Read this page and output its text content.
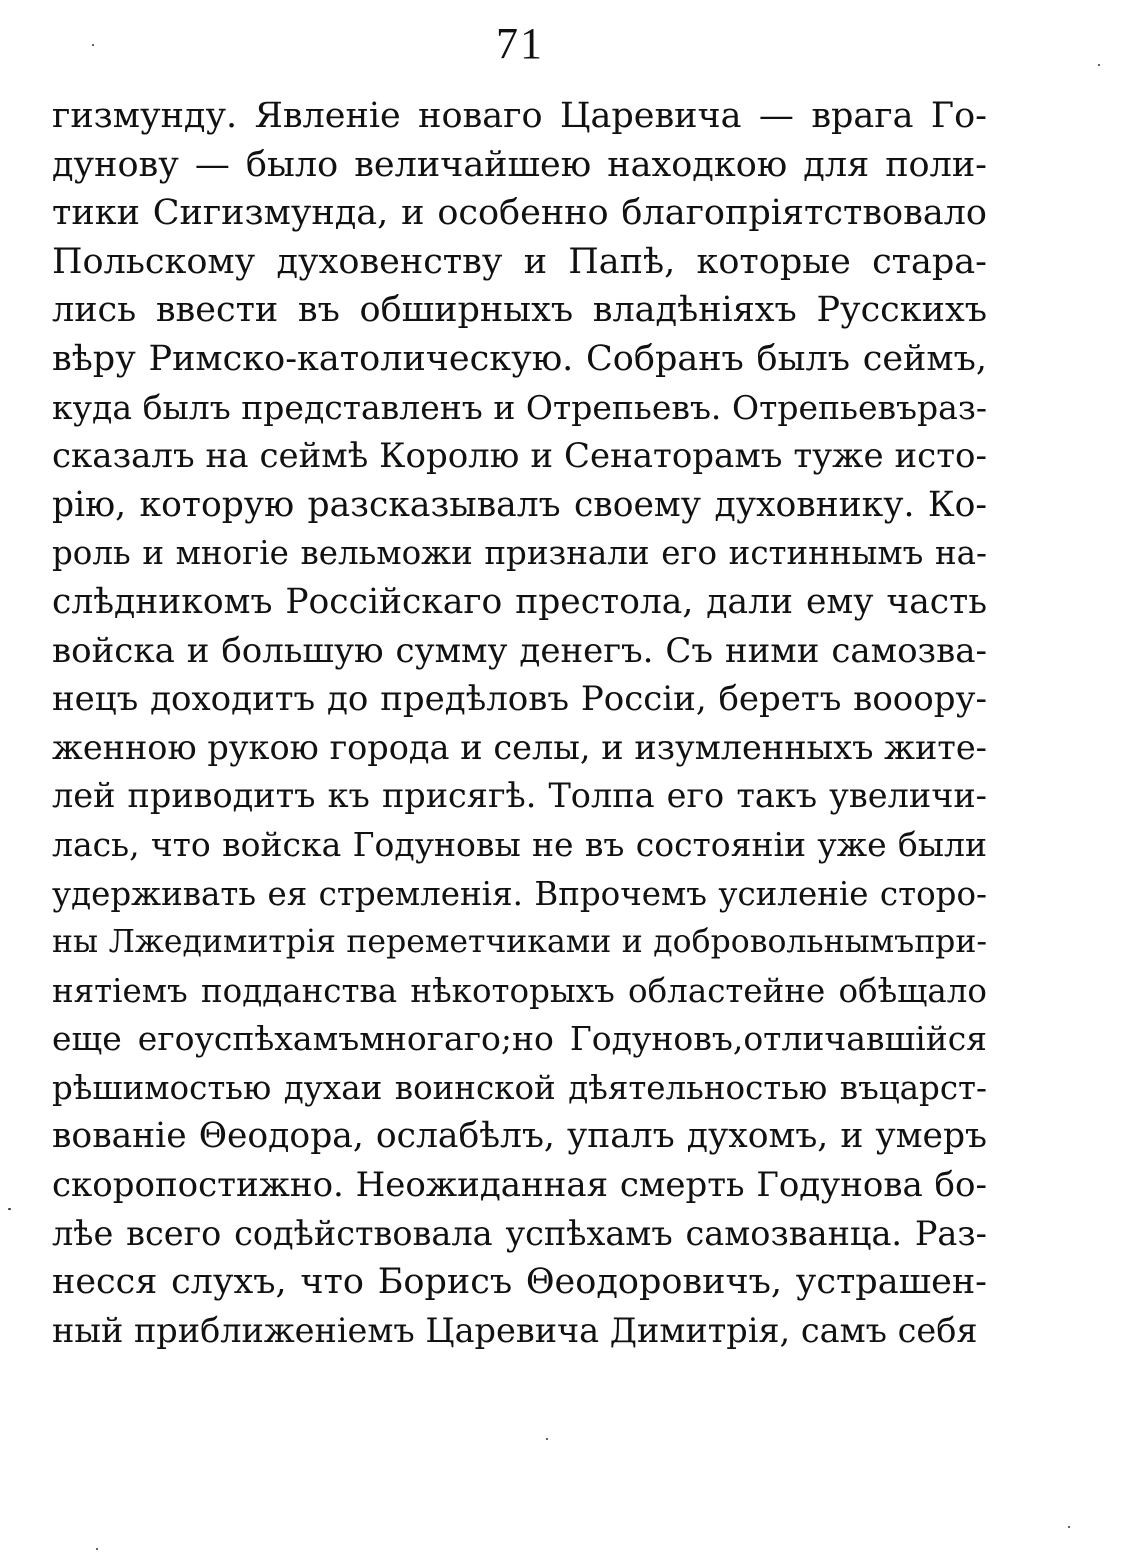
71
гизмунду. Явленіе новаго Царевича — врага Го-
дунову — было величайшею находкою для поли-
тики Сигизмунда, и особенно благопріятствовало
Польскому духовенству и Папѣ, которые стара-
лись ввести въ обширныхъ владѣніяхъ Русскихъ
вѣру Римско-католическую. Собранъ былъ сеймъ,
куда былъ представленъ и Отрепьевъ. Отрепьевъраз-
сказалъ на сеймѣ Королю и Сенаторамъ туже исто-
рію, которую разсказывалъ своему духовнику. Ко-
роль и многіе вельможи признали его истиннымъ на-
слѣдникомъ Россійскаго престола, дали ему часть
войска и большую сумму денегъ. Съ ними самозва-
нецъ доходитъ до предѣловъ Россіи, беретъ вооору-
женною рукою города и селы, и изумленныхъ жите-
лей приводитъ къ присягѣ. Толпа его такъ увеличи-
лась, что войска Годуновы не въ состояніи уже были
удерживать ея стремленія. Впрочемъ усиленіе сторо-
ны Лжедимитрія переметчиками и добровольнымъпри-
нятіемъ подданства нѣкоторыхъ областейне обѣщало
еще егоуспѣхамъмногаго;но Годуновъ,отличавшійся
рѣшимостью духаи воинской дѣятельностью въцарст-
вованіе Θеодора, ослабѣлъ, упалъ духомъ, и умеръ
скоропостижно. Неожиданная смерть Годунова бо-
лѣе всего содѣйствовала успѣхамъ самозванца. Раз-
несся слухъ, что Борисъ Θеодоровичъ, устрашен-
ный приближеніемъ Царевича Димитрія, самъ себя
